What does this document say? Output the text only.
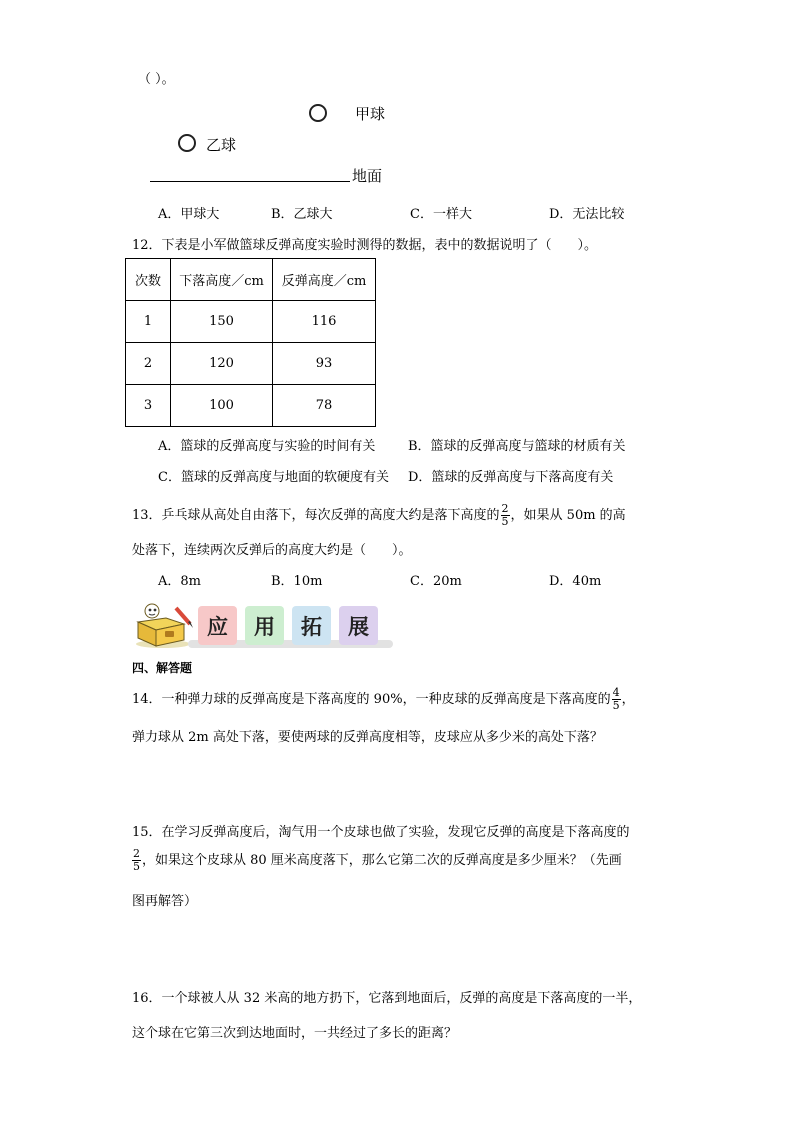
（ ）。
甲球
乙球
地面
A．甲球大	B．乙球大	C．一样大	D．无法比较
12．下表是小军做篮球反弹高度实验时测得的数据，表中的数据说明了（　　）。
次数	下落高度／cm	反弹高度／cm
1	150	116
2	120	93
3	100	78
A．篮球的反弹高度与实验的时间有关	B．篮球的反弹高度与篮球的材质有关
C．篮球的反弹高度与地面的软硬度有关 D．篮球的反弹高度与下落高度有关
13．乒乓球从高处自由落下，每次反弹的高度大约是落下高度的 $\frac{2}{5}$ ，如果从 50m 的高
处落下，连续两次反弹后的高度大约是（　　）。
A．8m	B．10m	C．20m	D．40m
应	用	拓	展
四、解答题
14．一种弹力球的反弹高度是下落高度的 90%，一种皮球的反弹高度是下落高度的 $\frac{4}{5}$ ，
弹力球从 2m 高处下落，要使两球的反弹高度相等，皮球应从多少米的高处下落？
15．在学习反弹高度后，淘气用一个皮球也做了实验，发现它反弹的高度是下落高度的
$\frac{2}{5}$ ，如果这个皮球从 80 厘米高度落下，那么它第二次的反弹高度是多少厘米？（先画
图再解答）
16．一个球被人从 32 米高的地方扔下，它落到地面后，反弹的高度是下落高度的一半，
这个球在它第三次到达地面时，一共经过了多长的距离？
